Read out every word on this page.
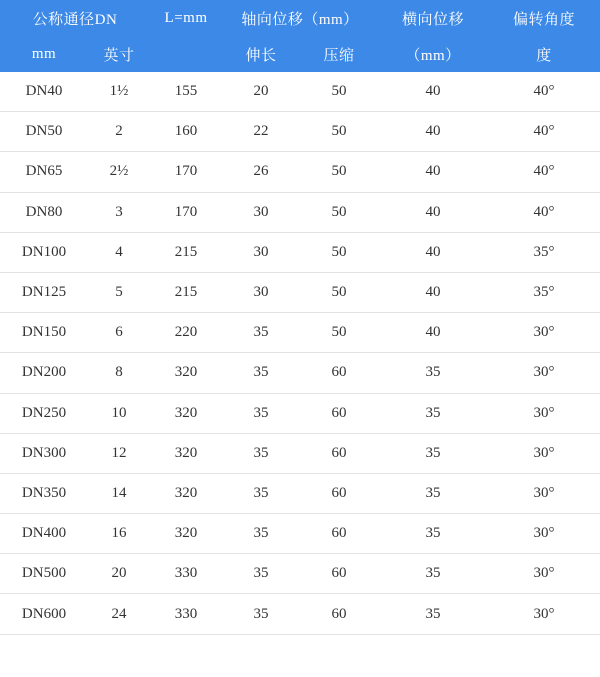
公称通径DN		L=mm	轴向位移（mm）		横向位移	偏转角度
mm	英寸		伸长	压缩	（mm）	度
DN40	1½	155	20	50	40	40°
DN50	2	160	22	50	40	40°
DN65	2½	170	26	50	40	40°
DN80	3	170	30	50	40	40°
DN100	4	215	30	50	40	35°
DN125	5	215	30	50	40	35°
DN150	6	220	35	50	40	30°
DN200	8	320	35	60	35	30°
DN250	10	320	35	60	35	30°
DN300	12	320	35	60	35	30°
DN350	14	320	35	60	35	30°
DN400	16	320	35	60	35	30°
DN500	20	330	35	60	35	30°
DN600	24	330	35	60	35	30°
